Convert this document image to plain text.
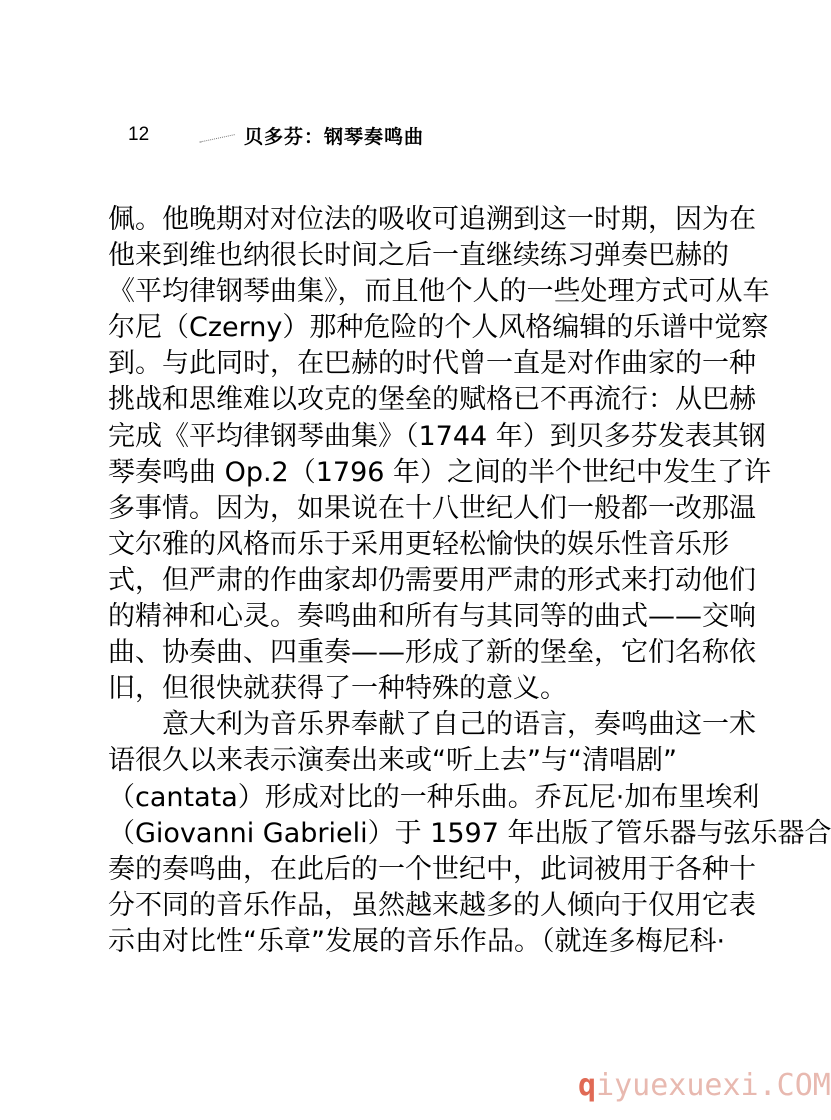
12	贝多芬：钢琴奏鸣曲
佩。他晚期对对位法的吸收可追溯到这一时期，因为在
他来到维也纳很长时间之后一直继续练习弹奏巴赫的
《平均律钢琴曲集》，而且他个人的一些处理方式可从车
尔尼（Czerny）那种危险的个人风格编辑的乐谱中觉察
到。与此同时，在巴赫的时代曾一直是对作曲家的一种
挑战和思维难以攻克的堡垒的赋格已不再流行：从巴赫
完成《平均律钢琴曲集》（1744 年）到贝多芬发表其钢
琴奏鸣曲 Op.2（1796 年）之间的半个世纪中发生了许
多事情。因为，如果说在十八世纪人们一般都一改那温
文尔雅的风格而乐于采用更轻松愉快的娱乐性音乐形
式，但严肃的作曲家却仍需要用严肃的形式来打动他们
的精神和心灵。奏鸣曲和所有与其同等的曲式——交响
曲、协奏曲、四重奏——形成了新的堡垒，它们名称依
旧，但很快就获得了一种特殊的意义。
意大利为音乐界奉献了自己的语言，奏鸣曲这一术
语很久以来表示演奏出来或“听上去”与“清唱剧”
（cantata）形成对比的一种乐曲。乔瓦尼·加布里埃利
（Giovanni Gabrieli）于 1597 年出版了管乐器与弦乐器合
奏的奏鸣曲，在此后的一个世纪中，此词被用于各种十
分不同的音乐作品，虽然越来越多的人倾向于仅用它表
示由对比性“乐章”发展的音乐作品。（就连多梅尼科·
qiyuexuexi.COM
